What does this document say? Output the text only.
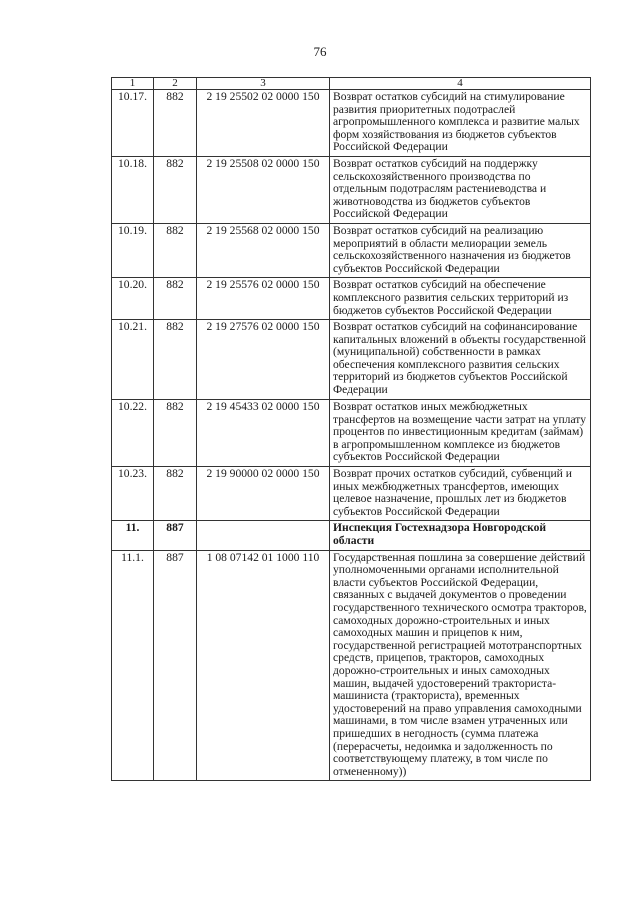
76
1	2	3	4
10.17.	882	2 19 25502 02 0000 150	Возврат остатков субсидий на стимулирование развития приоритетных подотраслей агропромышленного комплекса и развитие малых форм хозяйствования из бюджетов субъектов Российской Федерации
10.18.	882	2 19 25508 02 0000 150	Возврат остатков субсидий на поддержку сельскохозяйственного производства по отдельным подотраслям растениеводства и животноводства из бюджетов субъектов Российской Федерации
10.19.	882	2 19 25568 02 0000 150	Возврат остатков субсидий на реализацию мероприятий в области мелиорации земель сельскохозяйственного назначения из бюджетов субъектов Российской Федерации
10.20.	882	2 19 25576 02 0000 150	Возврат остатков субсидий на обеспечение комплексного развития сельских территорий из бюджетов субъектов Российской Федерации
10.21.	882	2 19 27576 02 0000 150	Возврат остатков субсидий на софинансирование капитальных вложений в объекты государственной (муниципальной) собственности в рамках обеспечения комплексного развития сельских территорий из бюджетов субъектов Российской Федерации
10.22.	882	2 19 45433 02 0000 150	Возврат остатков иных межбюджетных трансфертов на возмещение части затрат на уплату процентов по инвестиционным кредитам (займам) в агропромышленном комплексе из бюджетов субъектов Российской Федерации
10.23.	882	2 19 90000 02 0000 150	Возврат прочих остатков субсидий, субвенций и иных межбюджетных трансфертов, имеющих целевое назначение, прошлых лет из бюджетов субъектов Российской Федерации
11.	887		Инспекция Гостехнадзора Новгородской области
11.1.	887	1 08 07142 01 1000 110	Государственная пошлина за совершение действий уполномоченными органами исполнительной власти субъектов Российской Федерации, связанных с выдачей документов о проведении государственного технического осмотра тракторов, самоходных дорожно-строительных и иных самоходных машин и прицепов к ним, государственной регистрацией мототранспортных средств, прицепов, тракторов, самоходных дорожно-строительных и иных самоходных машин, выдачей удостоверений тракториста-машиниста (тракториста), временных удостоверений на право управления самоходными машинами, в том числе взамен утраченных или пришедших в негодность (сумма платежа (перерасчеты, недоимка и задолженность по соответствующему платежу, в том числе по отмененному))
